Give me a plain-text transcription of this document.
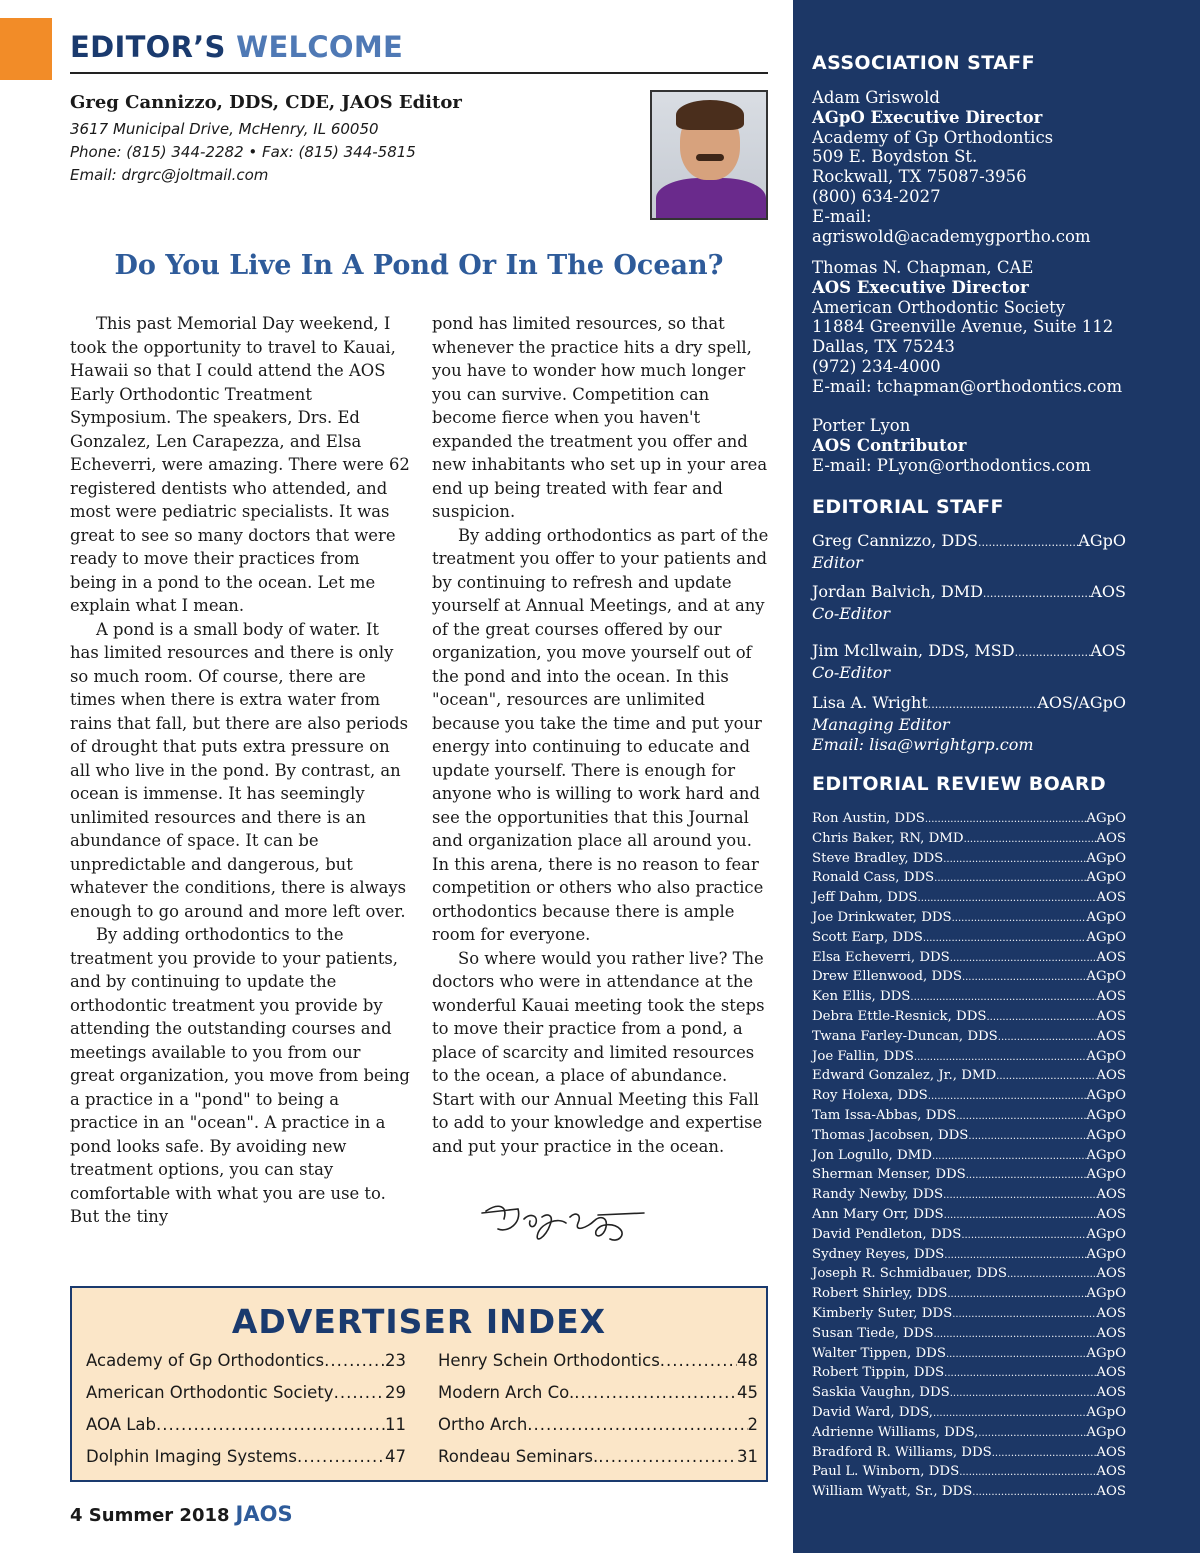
EDITOR’S WELCOME
Greg Cannizzo, DDS, CDE, JAOS Editor
3617 Municipal Drive, McHenry, IL 60050
Phone: (815) 344-2282 • Fax: (815) 344-5815
Email: drgrc@joltmail.com
Do You Live In A Pond Or In The Ocean?

This past Memorial Day weekend, I took the opportunity to travel to Kauai, Hawaii so that I could attend the AOS Early Orthodontic Treatment Symposium. The speakers, Drs. Ed Gonzalez, Len Carapezza, and Elsa Echeverri, were amazing. There were 62 registered dentists who attended, and most were pediatric specialists. It was great to see so many doctors that were ready to move their practices from being in a pond to the ocean. Let me explain what I mean.

A pond is a small body of water. It has limited resources and there is only so much room. Of course, there are times when there is extra water from rains that fall, but there are also periods of drought that puts extra pressure on all who live in the pond. By contrast, an ocean is immense. It has seemingly unlimited resources and there is an abundance of space. It can be unpredictable and dangerous, but whatever the conditions, there is always enough to go around and more left over.

By adding orthodontics to the treatment you provide to your patients, and by continuing to update the orthodontic treatment you provide by attending the outstanding courses and meetings available to you from our great organization, you move from being a practice in a "pond" to being a practice in an "ocean". A practice in a pond looks safe. By avoiding new treatment options, you can stay comfortable with what you are use to. But the tiny

pond has limited resources, so that whenever the practice hits a dry spell, you have to wonder how much longer you can survive. Competition can become fierce when you haven't expanded the treatment you offer and new inhabitants who set up in your area end up being treated with fear and suspicion.

By adding orthodontics as part of the treatment you offer to your patients and by continuing to refresh and update yourself at Annual Meetings, and at any of the great courses offered by our organization, you move yourself out of the pond and into the ocean. In this "ocean", resources are unlimited because you take the time and put your energy into continuing to educate and update yourself. There is enough for anyone who is willing to work hard and see the opportunities that this Journal and organization place all around you. In this arena, there is no reason to fear competition or others who also practice orthodontics because there is ample room for everyone.

So where would you rather live? The doctors who were in attendance at the wonderful Kauai meeting took the steps to move their practice from a pond, a place of scarcity and limited resources to the ocean, a place of abundance. Start with our Annual Meeting this Fall to add to your knowledge and expertise and put your practice in the ocean.

ADVERTISER INDEX
Academy of Gp Orthodontics .....	23
American Orthodontic Society .....	29
AOA Lab .....	11
Dolphin Imaging Systems .....	47
Henry Schein Orthodontics .....	48
Modern Arch Co. .....	45
Ortho Arch .....	2
Rondeau Seminars. .....	31
4 Summer 2018 JAOS
ASSOCIATION STAFF
Adam Griswold
AGpO Executive Director
Academy of Gp Orthodontics
509 E. Boydston St.
Rockwall, TX 75087-3956
(800) 634-2027
E-mail:
agriswold@academygportho.com
Thomas N. Chapman, CAE
AOS Executive Director
American Orthodontic Society
11884 Greenville Avenue, Suite 112
Dallas, TX 75243
(972) 234-4000
E-mail: tchapman@orthodontics.com
Porter Lyon
AOS Contributor
E-mail: PLyon@orthodontics.com
EDITORIAL STAFF
Greg Cannizzo, DDS .....	AGpO
Editor
Jordan Balvich, DMD .....	AOS
Co-Editor
Jim Mcllwain, DDS, MSD .....	AOS
Co-Editor
Lisa A. Wright .....	AOS/AGpO
Managing Editor
Email: lisa@wrightgrp.com
EDITORIAL REVIEW BOARD
Ron Austin, DDS .....	AGpO
Chris Baker, RN, DMD .....	AOS
Steve Bradley, DDS .....	AGpO
Ronald Cass, DDS .....	AGpO
Jeff Dahm, DDS .....	AOS
Joe Drinkwater, DDS .....	AGpO
Scott Earp, DDS .....	AGpO
Elsa Echeverri, DDS .....	AOS
Drew Ellenwood, DDS .....	AGpO
Ken Ellis, DDS .....	AOS
Debra Ettle-Resnick, DDS .....	AOS
Twana Farley-Duncan, DDS .....	AOS
Joe Fallin, DDS .....	AGpO
Edward Gonzalez, Jr., DMD .....	AOS
Roy Holexa, DDS .....	AGpO
Tam Issa-Abbas, DDS .....	AGpO
Thomas Jacobsen, DDS .....	AGpO
Jon Logullo, DMD .....	AGpO
Sherman Menser, DDS .....	AGpO
Randy Newby, DDS .....	AOS
Ann Mary Orr, DDS .....	AOS
David Pendleton, DDS .....	AGpO
Sydney Reyes, DDS .....	AGpO
Joseph R. Schmidbauer, DDS .....	AOS
Robert Shirley, DDS .....	AGpO
Kimberly Suter, DDS .....	AOS
Susan Tiede, DDS .....	AOS
Walter Tippen, DDS .....	AGpO
Robert Tippin, DDS .....	AOS
Saskia Vaughn, DDS .....	AOS
David Ward, DDS, .....	AGpO
Adrienne Williams, DDS, .....	AGpO
Bradford R. Williams, DDS .....	AOS
Paul L. Winborn, DDS .....	AOS
William Wyatt, Sr., DDS .....	AOS
